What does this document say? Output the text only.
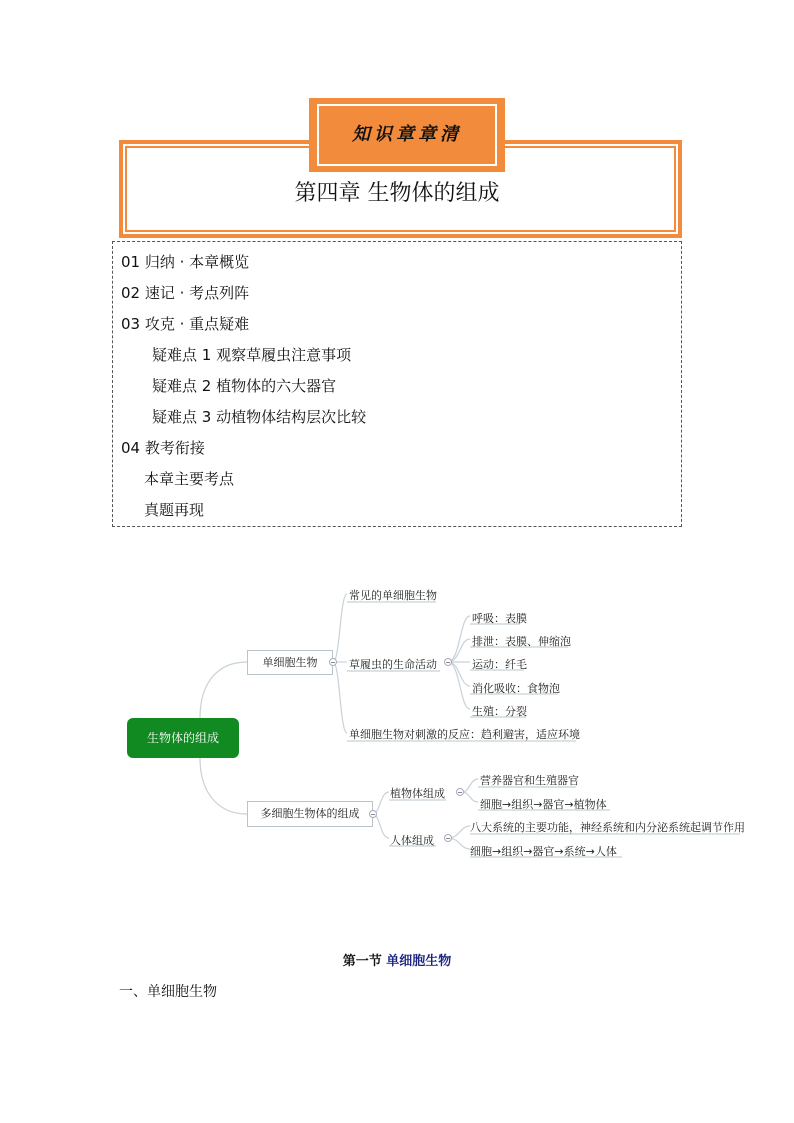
知识章章清
第四章 生物体的组成
01 归纳 · 本章概览
02 速记 · 考点列阵
03 攻克 · 重点疑难
疑难点 1 观察草履虫注意事项
疑难点 2 植物体的六大器官
疑难点 3 动植物体结构层次比较
04 教考衔接
本章主要考点
真题再现
生物体的组成
单细胞生物
常见的单细胞生物
草履虫的生命活动
单细胞生物对刺激的反应：趋利避害，适应环境
呼吸：表膜
排泄：表膜、伸缩泡
运动：纤毛
消化吸收：食物泡
生殖：分裂
多细胞生物体的组成
植物体组成
营养器官和生殖器官
细胞→组织→器官→植物体
人体组成
八大系统的主要功能，神经系统和内分泌系统起调节作用
细胞→组织→器官→系统→人体
第一节 单细胞生物
一、单细胞生物
